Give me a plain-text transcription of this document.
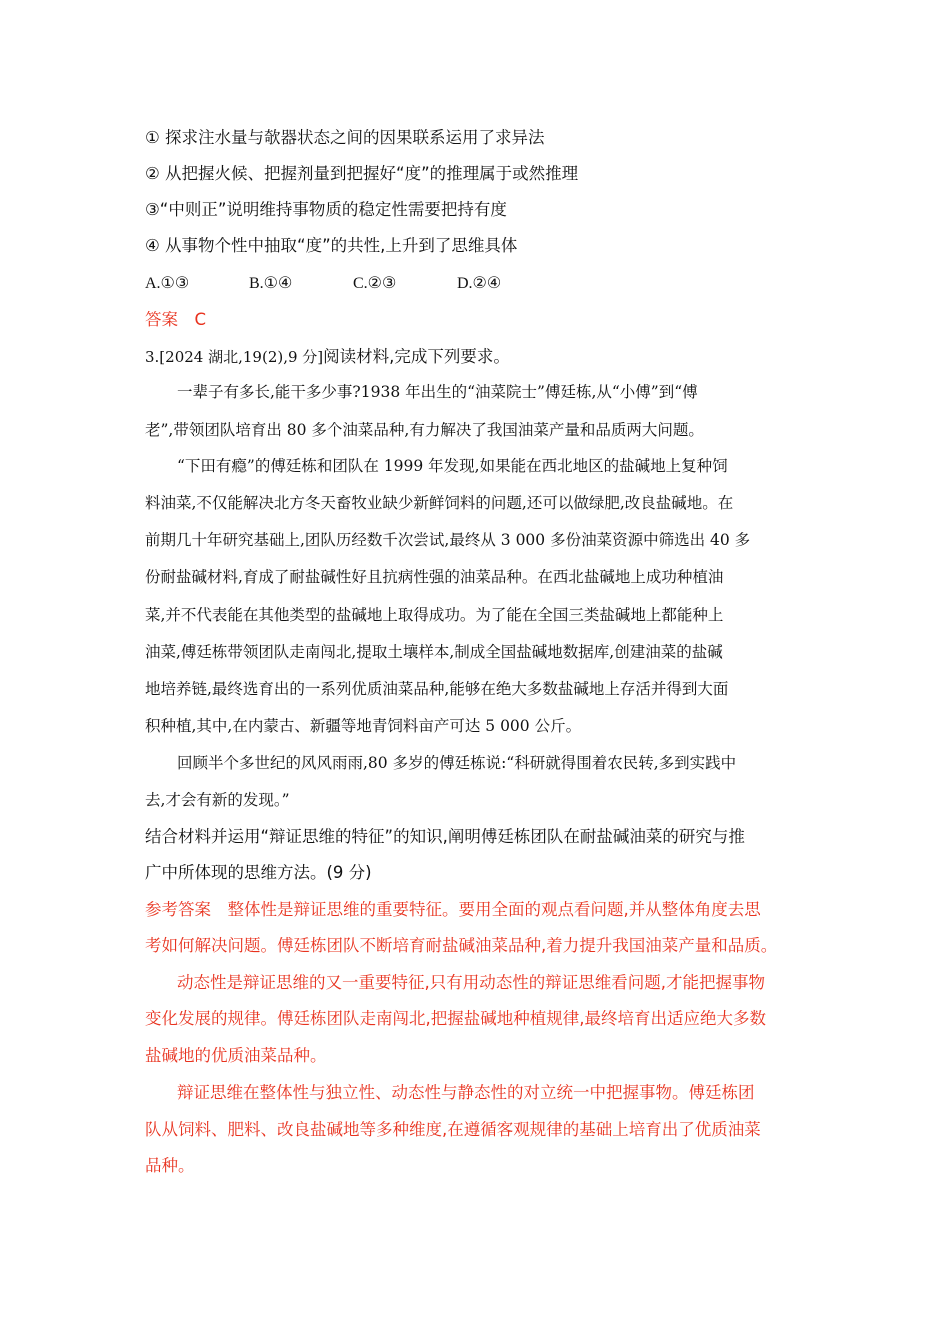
① 探求注水量与欹器状态之间的因果联系运用了求异法
② 从把握火候、把握剂量到把握好“度”的推理属于或然推理
③“中则正”说明维持事物质的稳定性需要把持有度
④ 从事物个性中抽取“度”的共性,上升到了思维具体
A.①③	B.①④	C.②③	D.②④
答案　C
3.[2024 湖北,19(2),9 分]阅读材料,完成下列要求。
一辈子有多长,能干多少事?1938 年出生的“油菜院士”傅廷栋,从“小傅”到“傅
老”,带领团队培育出 80 多个油菜品种,有力解决了我国油菜产量和品质两大问题。
“下田有瘾”的傅廷栋和团队在 1999 年发现,如果能在西北地区的盐碱地上复种饲
料油菜,不仅能解决北方冬天畜牧业缺少新鲜饲料的问题,还可以做绿肥,改良盐碱地。在
前期几十年研究基础上,团队历经数千次尝试,最终从 3 000 多份油菜资源中筛选出 40 多
份耐盐碱材料,育成了耐盐碱性好且抗病性强的油菜品种。在西北盐碱地上成功种植油
菜,并不代表能在其他类型的盐碱地上取得成功。为了能在全国三类盐碱地上都能种上
油菜,傅廷栋带领团队走南闯北,提取土壤样本,制成全国盐碱地数据库,创建油菜的盐碱
地培养链,最终选育出的一系列优质油菜品种,能够在绝大多数盐碱地上存活并得到大面
积种植,其中,在内蒙古、新疆等地青饲料亩产可达 5 000 公斤。
回顾半个多世纪的风风雨雨,80 多岁的傅廷栋说:“科研就得围着农民转,多到实践中
去,才会有新的发现。”
结合材料并运用“辩证思维的特征”的知识,阐明傅廷栋团队在耐盐碱油菜的研究与推
广中所体现的思维方法。(9 分)
参考答案　整体性是辩证思维的重要特征。要用全面的观点看问题,并从整体角度去思
考如何解决问题。傅廷栋团队不断培育耐盐碱油菜品种,着力提升我国油菜产量和品质。
动态性是辩证思维的又一重要特征,只有用动态性的辩证思维看问题,才能把握事物
变化发展的规律。傅廷栋团队走南闯北,把握盐碱地种植规律,最终培育出适应绝大多数
盐碱地的优质油菜品种。
辩证思维在整体性与独立性、动态性与静态性的对立统一中把握事物。傅廷栋团
队从饲料、肥料、改良盐碱地等多种维度,在遵循客观规律的基础上培育出了优质油菜
品种。
